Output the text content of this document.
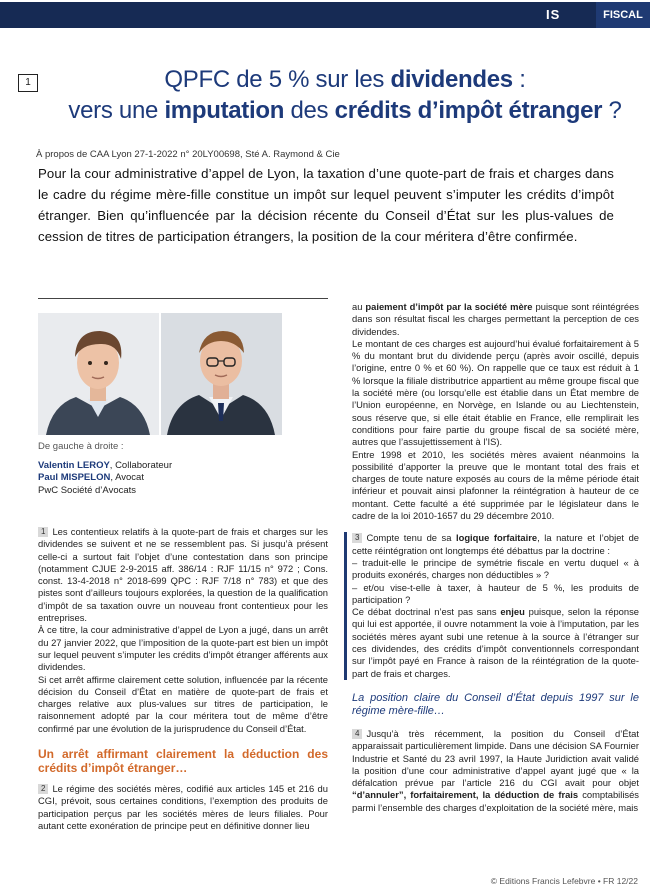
IS	FISCAL
1	QPFC de 5 % sur les dividendes :
vers une imputation des crédits d’impôt étranger ?
À propos de CAA Lyon 27-1-2022 n° 20LY00698, Sté A. Raymond & Cie
Pour la cour administrative d’appel de Lyon, la taxation d’une quote-part de frais et charges dans le cadre du régime mère-fille constitue un impôt sur lequel peuvent s’imputer les crédits d’impôt étranger. Bien qu’influencée par la décision récente du Conseil d’État sur les plus-values de cession de titres de participation étrangers, la position de la cour méritera d’être confirmée.
De gauche à droite :
Valentin LEROY, Collaborateur
Paul MISPELON, Avocat
PwC Société d’Avocats

1 Les contentieux relatifs à la quote-part de frais et charges sur les dividendes se suivent et ne se ressemblent pas. Si jusqu’à présent celle-ci a surtout fait l’objet d’une contestation dans son principe (notamment CJUE 2-9-2015 aff. 386/14 : RJF 11/15 n° 972 ; Cons. const. 13-4-2018 n° 2018-699 QPC : RJF 7/18 n° 783) et que des pistes sont d’ailleurs toujours explorées, la question de la qualification d’impôt de sa taxation ouvre un nouveau front contentieux pour les entreprises.

À ce titre, la cour administrative d’appel de Lyon a jugé, dans un arrêt du 27 janvier 2022, que l’imposition de la quote-part est bien un impôt sur lequel peuvent s’imputer les crédits d’impôt étranger afférents aux dividendes.

Si cet arrêt affirme clairement cette solution, influencée par la récente décision du Conseil d’État en matière de quote-part de frais et charges relative aux plus-values sur titres de participation, le raisonnement adopté par la cour méritera tout de même d’être confirmé par une évolution de la jurisprudence du Conseil d’État.

Un arrêt affirmant clairement la déduction des crédits d’impôt étranger…

2 Le régime des sociétés mères, codifié aux articles 145 et 216 du CGI, prévoit, sous certaines conditions, l’exemption des produits de participation perçus par les sociétés mères de leurs filiales. Pour autant cette exonération de principe peut en définitive donner lieu

au paiement d’impôt par la société mère puisque sont réintégrées dans son résultat fiscal les charges permettant la perception de ces dividendes.

Le montant de ces charges est aujourd’hui évalué forfaitairement à 5 % du montant brut du dividende perçu (après avoir oscillé, depuis l’origine, entre 0 % et 60 %). On rappelle que ce taux est réduit à 1 % lorsque la filiale distributrice appartient au même groupe fiscal que la société mère (ou lorsqu’elle est établie dans un État membre de l’Union européenne, en Norvège, en Islande ou au Liechtenstein, sous réserve que, si elle était établie en France, elle remplirait les conditions pour faire partie du groupe fiscal de sa société mère, autres que l’assujettissement à l’IS).

Entre 1998 et 2010, les sociétés mères avaient néanmoins la possibilité d’apporter la preuve que le montant total des frais et charges de toute nature exposés au cours de la même période était inférieur et pouvait ainsi plafonner la réintégration à hauteur de ce montant. Cette faculté a été supprimée par le législateur dans le cadre de la loi 2010-1657 du 29 décembre 2010.

3 Compte tenu de sa logique forfaitaire, la nature et l’objet de cette réintégration ont longtemps été débattus par la doctrine :

– traduit-elle le principe de symétrie fiscale en vertu duquel « à produits exonérés, charges non déductibles » ?

– et/ou vise-t-elle à taxer, à hauteur de 5 %, les produits de participation ?

Ce débat doctrinal n’est pas sans enjeu puisque, selon la réponse qui lui est apportée, il ouvre notamment la voie à l’imputation, par les sociétés mères ayant subi une retenue à la source à l’étranger sur ces dividendes, des crédits d’impôt conventionnels correspondant sur l’impôt payé en France à raison de la réintégration de la quote-part de frais et charges.

La position claire du Conseil d’État depuis 1997 sur le régime mère-fille…

4 Jusqu’à très récemment, la position du Conseil d’État apparaissait particulièrement limpide. Dans une décision SA Fournier Industrie et Santé du 23 avril 1997, la Haute Juridiction avait validé la position d’une cour administrative d’appel ayant jugé que « la défalcation prévue par l’article 216 du CGI avait pour objet “d’annuler”, forfaitairement, la déduction de frais comptabilisés parmi l’ensemble des charges d’exploitation de la société mère, mais

© Editions Francis Lefebvre • FR 12/22
